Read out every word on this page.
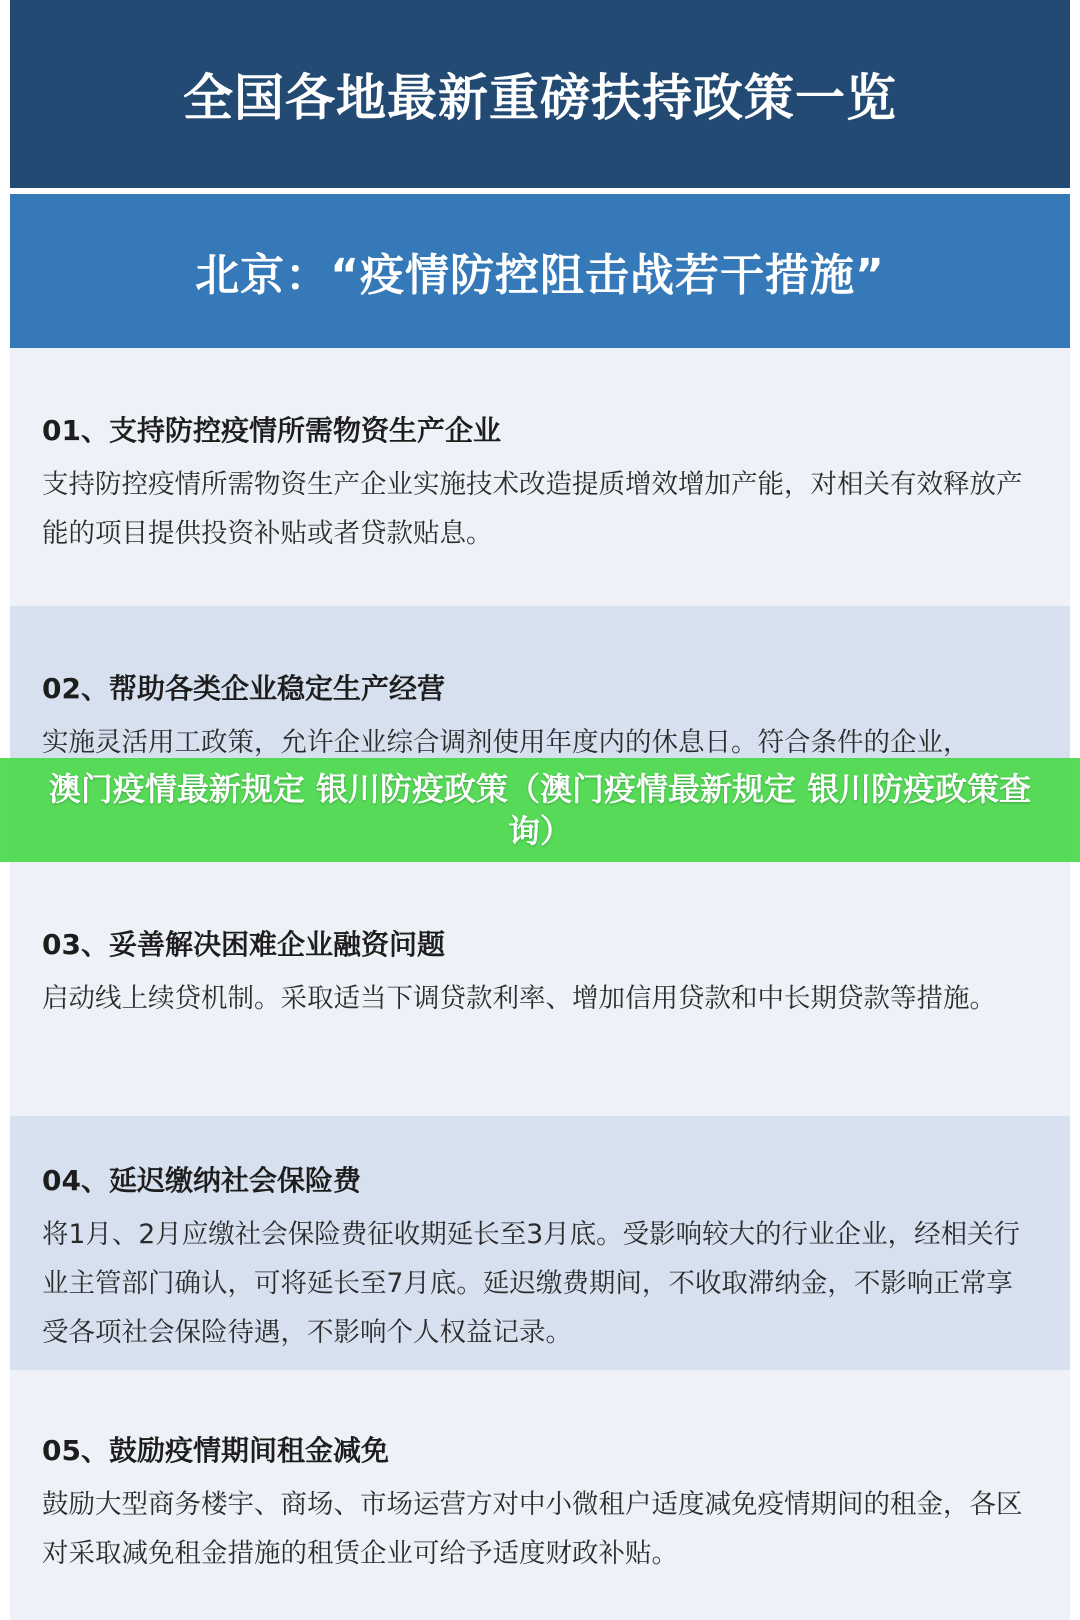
全国各地最新重磅扶持政策一览
北京：“疫情防控阻击战若干措施”

01、支持防控疫情所需物资生产企业

支持防控疫情所需物资生产企业实施技术改造提质增效增加产能，对相关有效释放产能的项目提供投资补贴或者贷款贴息。

02、帮助各类企业稳定生产经营

实施灵活用工政策，允许企业综合调剂使用年度内的休息日。符合条件的企业，

03、妥善解决困难企业融资问题

启动线上续贷机制。采取适当下调贷款利率、增加信用贷款和中长期贷款等措施。

04、延迟缴纳社会保险费

将1月、2月应缴社会保险费征收期延长至3月底。受影响较大的行业企业，经相关行业主管部门确认，可将延长至7月底。延迟缴费期间，不收取滞纳金，不影响正常享受各项社会保险待遇，不影响个人权益记录。

05、鼓励疫情期间租金减免

鼓励大型商务楼宇、商场、市场运营方对中小微租户适度减免疫情期间的租金，各区对采取减免租金措施的租赁企业可给予适度财政补贴。

澳门疫情最新规定 银川防疫政策（澳门疫情最新规定 银川防疫政策查询）
